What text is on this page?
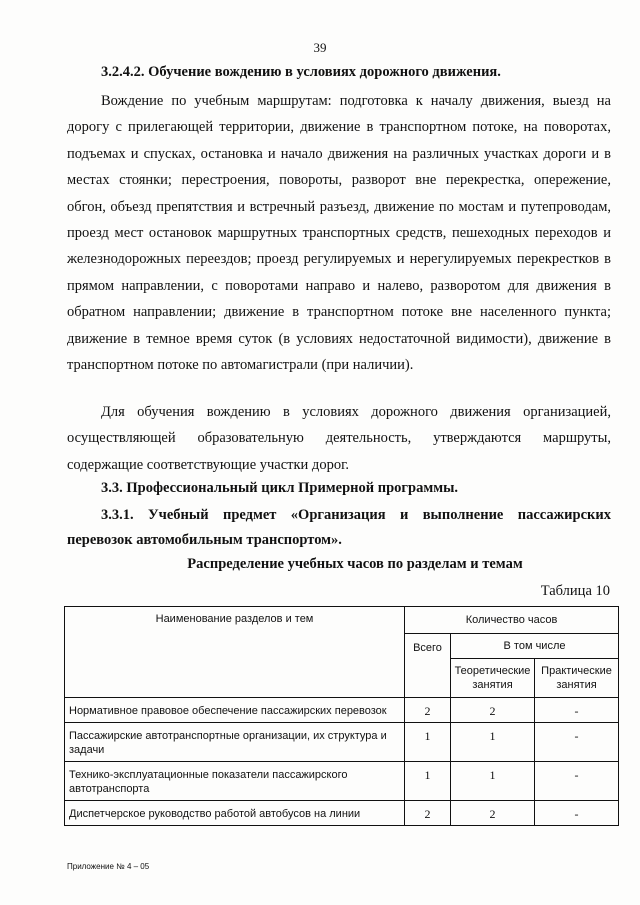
39

3.2.4.2. Обучение вождению в условиях дорожного движения.

Вождение по учебным маршрутам: подготовка к началу движения, выезд на дорогу с прилегающей территории, движение в транспортном потоке, на поворотах, подъемах и спусках, остановка и начало движения на различных участках дороги и в местах стоянки; перестроения, повороты, разворот вне перекрестка, опережение, обгон, объезд препятствия и встречный разъезд, движение по мостам и путепроводам, проезд мест остановок маршрутных транспортных средств, пешеходных переходов и железнодорожных переездов; проезд регулируемых и нерегулируемых перекрестков в прямом направлении, с поворотами направо и налево, разворотом для движения в обратном направлении; движение в транспортном потоке вне населенного пункта; движение в темное время суток (в условиях недостаточной видимости), движение в транспортном потоке по автомагистрали (при наличии).

Для обучения вождению в условиях дорожного движения организацией, осуществляющей образовательную деятельность, утверждаются маршруты, содержащие соответствующие участки дорог.

3.3. Профессиональный цикл Примерной программы.

3.3.1. Учебный предмет «Организация и выполнение пассажирских перевозок автомобильным транспортом».

Распределение учебных часов по разделам и темам
Таблица 10
Наименование разделов и тем	Количество часов		
	Всего	В том числе	
		Теоретические занятия	Практические занятия
Нормативное правовое обеспечение пассажирских перевозок	2	2	-
Пассажирские автотранспортные организации, их структура и задачи	1	1	-
Технико-эксплуатационные показатели пассажирского автотранспорта	1	1	-
Диспетчерское руководство работой автобусов на линии	2	2	-
Приложение № 4 – 05
